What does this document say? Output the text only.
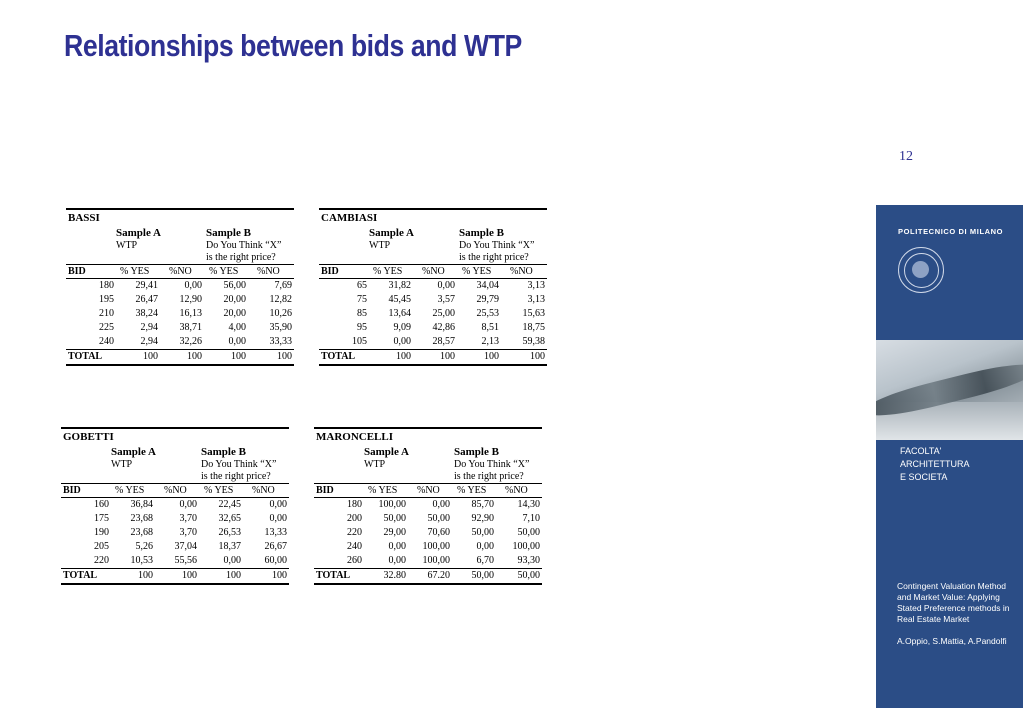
Relationships between bids and WTP
12
BASSI
Sample A	Sample B
WTP	Do You Think “X”
is the right price?
BID	% YES %NO % YES %NO
180 29,41	0,00 56,00	7,69
195 26,47 12,90 20,00 12,82
210 38,24 16,13 20,00 10,26
225	2,94 38,71	4,00 35,90
240	2,94 32,26	0,00 33,33
TOTAL	100	100	100	100
CAMBIASI
Sample A	Sample B
WTP	Do You Think “X”
is the right price?
BID	% YES %NO % YES %NO
65 31,82	0,00 34,04	3,13
75 45,45	3,57 29,79	3,13
85 13,64 25,00 25,53 15,63
95	9,09 42,86	8,51 18,75
105	0,00 28,57	2,13 59,38
TOTAL	100	100	100	100
GOBETTI
Sample A	Sample B
WTP	Do You Think “X”
is the right price?
BID	% YES %NO % YES %NO
160 36,84	0,00 22,45	0,00
175 23,68	3,70 32,65	0,00
190 23,68	3,70 26,53 13,33
205	5,26 37,04 18,37 26,67
220 10,53 55,56	0,00 60,00
TOTAL	100	100	100	100
MARONCELLI
Sample A	Sample B
WTP	Do You Think “X”
is the right price?
BID	% YES %NO % YES %NO
180 100,00	0,00 85,70 14,30
200 50,00 50,00 92,90	7,10
220 29,00 70,60 50,00 50,00
240	0,00 100,00	0,00 100,00
260	0,00 100,00	6,70 93,30
TOTAL	32.80 67.20 50,00 50,00
POLITECNICO DI MILANO
FACOLTA'
ARCHITETTURA
E SOCIETA

Contingent Valuation Method and Market Value: Applying Stated Preference methods in Real Estate Market

A.Oppio, S.Mattia, A.Pandolfi
